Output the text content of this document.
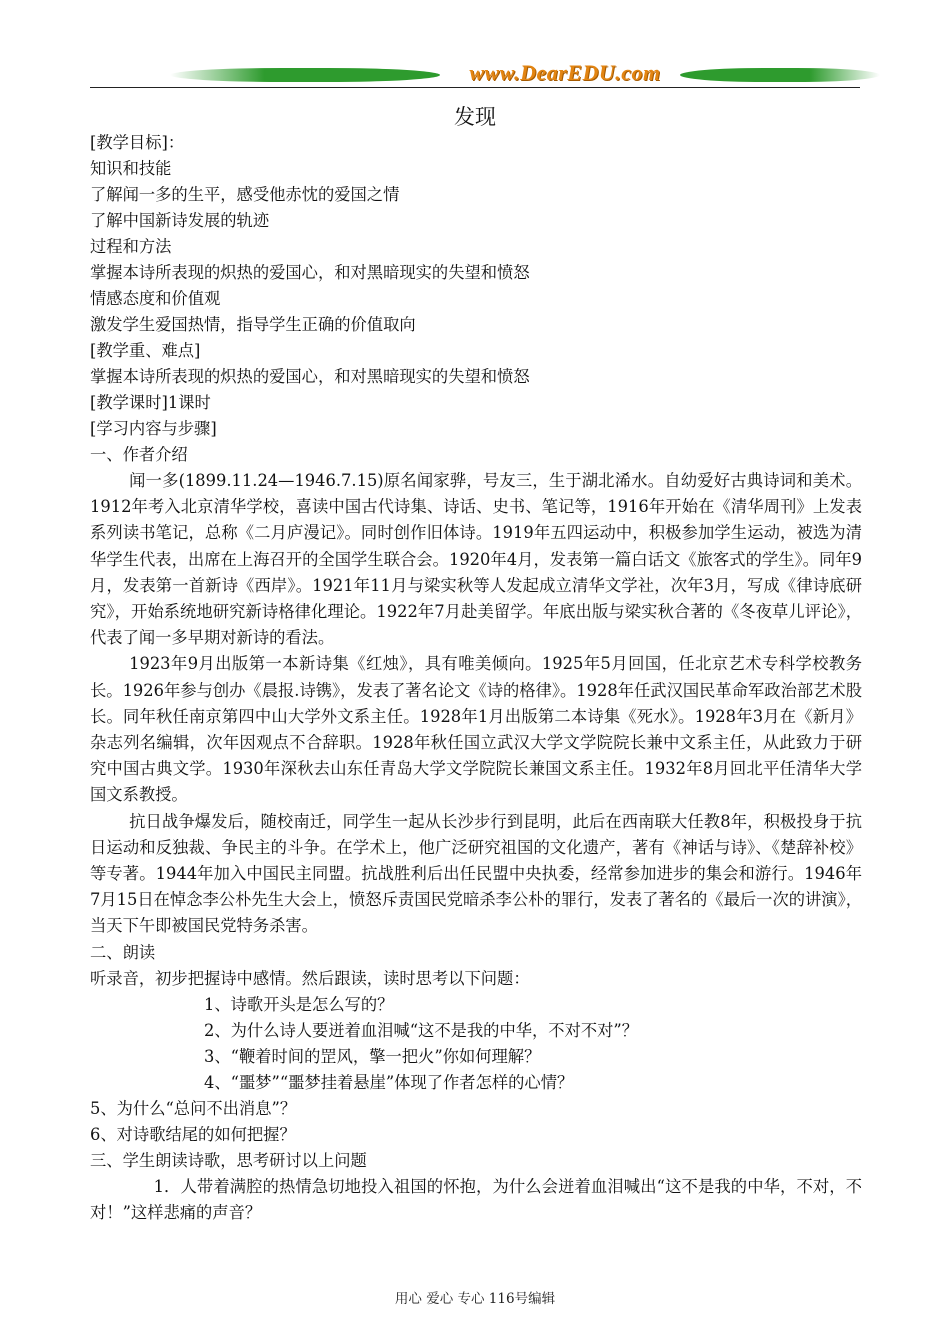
www.DearEDU.com
发现
[教学目标]：
知识和技能
了解闻一多的生平，感受他赤忱的爱国之情
了解中国新诗发展的轨迹
过程和方法
掌握本诗所表现的炽热的爱国心，和对黑暗现实的失望和愤怒
情感态度和价值观
激发学生爱国热情，指导学生正确的价值取向
[教学重、难点]
掌握本诗所表现的炽热的爱国心，和对黑暗现实的失望和愤怒
[教学课时]1课时
[学习内容与步骤]
一、作者介绍

闻一多(1899.11.24—1946.7.15)原名闻家骅，号友三，生于湖北浠水。自幼爱好古典诗词和美术。1912年考入北京清华学校，喜读中国古代诗集、诗话、史书、笔记等，1916年开始在《清华周刊》上发表系列读书笔记，总称《二月庐漫记》。同时创作旧体诗。1919年五四运动中，积极参加学生运动，被选为清华学生代表，出席在上海召开的全国学生联合会。1920年4月，发表第一篇白话文《旅客式的学生》。同年9月，发表第一首新诗《西岸》。1921年11月与梁实秋等人发起成立清华文学社，次年3月，写成《律诗底研究》，开始系统地研究新诗格律化理论。1922年7月赴美留学。年底出版与梁实秋合著的《冬夜草儿评论》，代表了闻一多早期对新诗的看法。

1923年9月出版第一本新诗集《红烛》，具有唯美倾向。1925年5月回国，任北京艺术专科学校教务长。1926年参与创办《晨报.诗镌》，发表了著名论文《诗的格律》。1928年任武汉国民革命军政治部艺术股长。同年秋任南京第四中山大学外文系主任。1928年1月出版第二本诗集《死水》。1928年3月在《新月》杂志列名编辑，次年因观点不合辞职。1928年秋任国立武汉大学文学院院长兼中文系主任，从此致力于研究中国古典文学。1930年深秋去山东任青岛大学文学院院长兼国文系主任。1932年8月回北平任清华大学国文系教授。

抗日战争爆发后，随校南迁，同学生一起从长沙步行到昆明，此后在西南联大任教8年，积极投身于抗日运动和反独裁、争民主的斗争。在学术上，他广泛研究祖国的文化遗产，著有《神话与诗》、《楚辞补校》等专著。1944年加入中国民主同盟。抗战胜利后出任民盟中央执委，经常参加进步的集会和游行。1946年7月15日在悼念李公朴先生大会上，愤怒斥责国民党暗杀李公朴的罪行，发表了著名的《最后一次的讲演》，当天下午即被国民党特务杀害。

二、朗读
听录音，初步把握诗中感情。然后跟读，读时思考以下问题：
1、诗歌开头是怎么写的？
2、为什么诗人要迸着血泪喊“这不是我的中华，不对不对”？
3、“鞭着时间的罡风，擎一把火”你如何理解？
4、“噩梦”“噩梦挂着悬崖”体现了作者怎样的心情？
5、为什么“总问不出消息”？
6、对诗歌结尾的如何把握？
三、学生朗读诗歌，思考研讨以上问题

1．人带着满腔的热情急切地投入祖国的怀抱，为什么会迸着血泪喊出“这不是我的中华，不对，不对！”这样悲痛的声音？

用心 爱心 专心 116号编辑
